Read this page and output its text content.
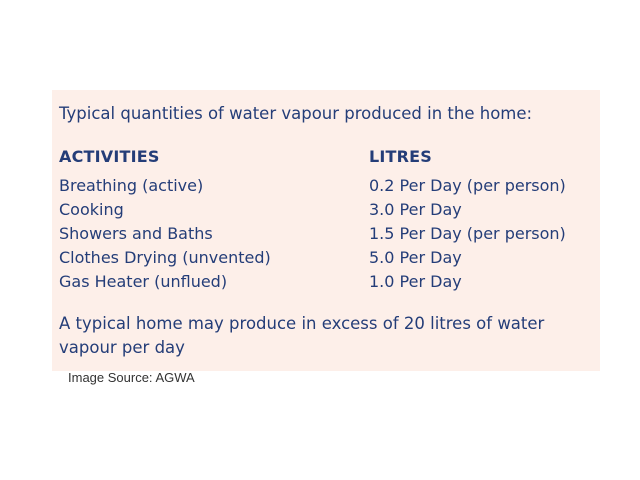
Typical quantities of water vapour produced in the home:
ACTIVITIES	LITRES
Breathing (active)	0.2 Per Day (per person)
Cooking	3.0 Per Day
Showers and Baths	1.5 Per Day (per person)
Clothes Drying (unvented)	5.0 Per Day
Gas Heater (unflued)	1.0 Per Day
A typical home may produce in excess of 20 litres of water vapour per day
Image Source: AGWA
